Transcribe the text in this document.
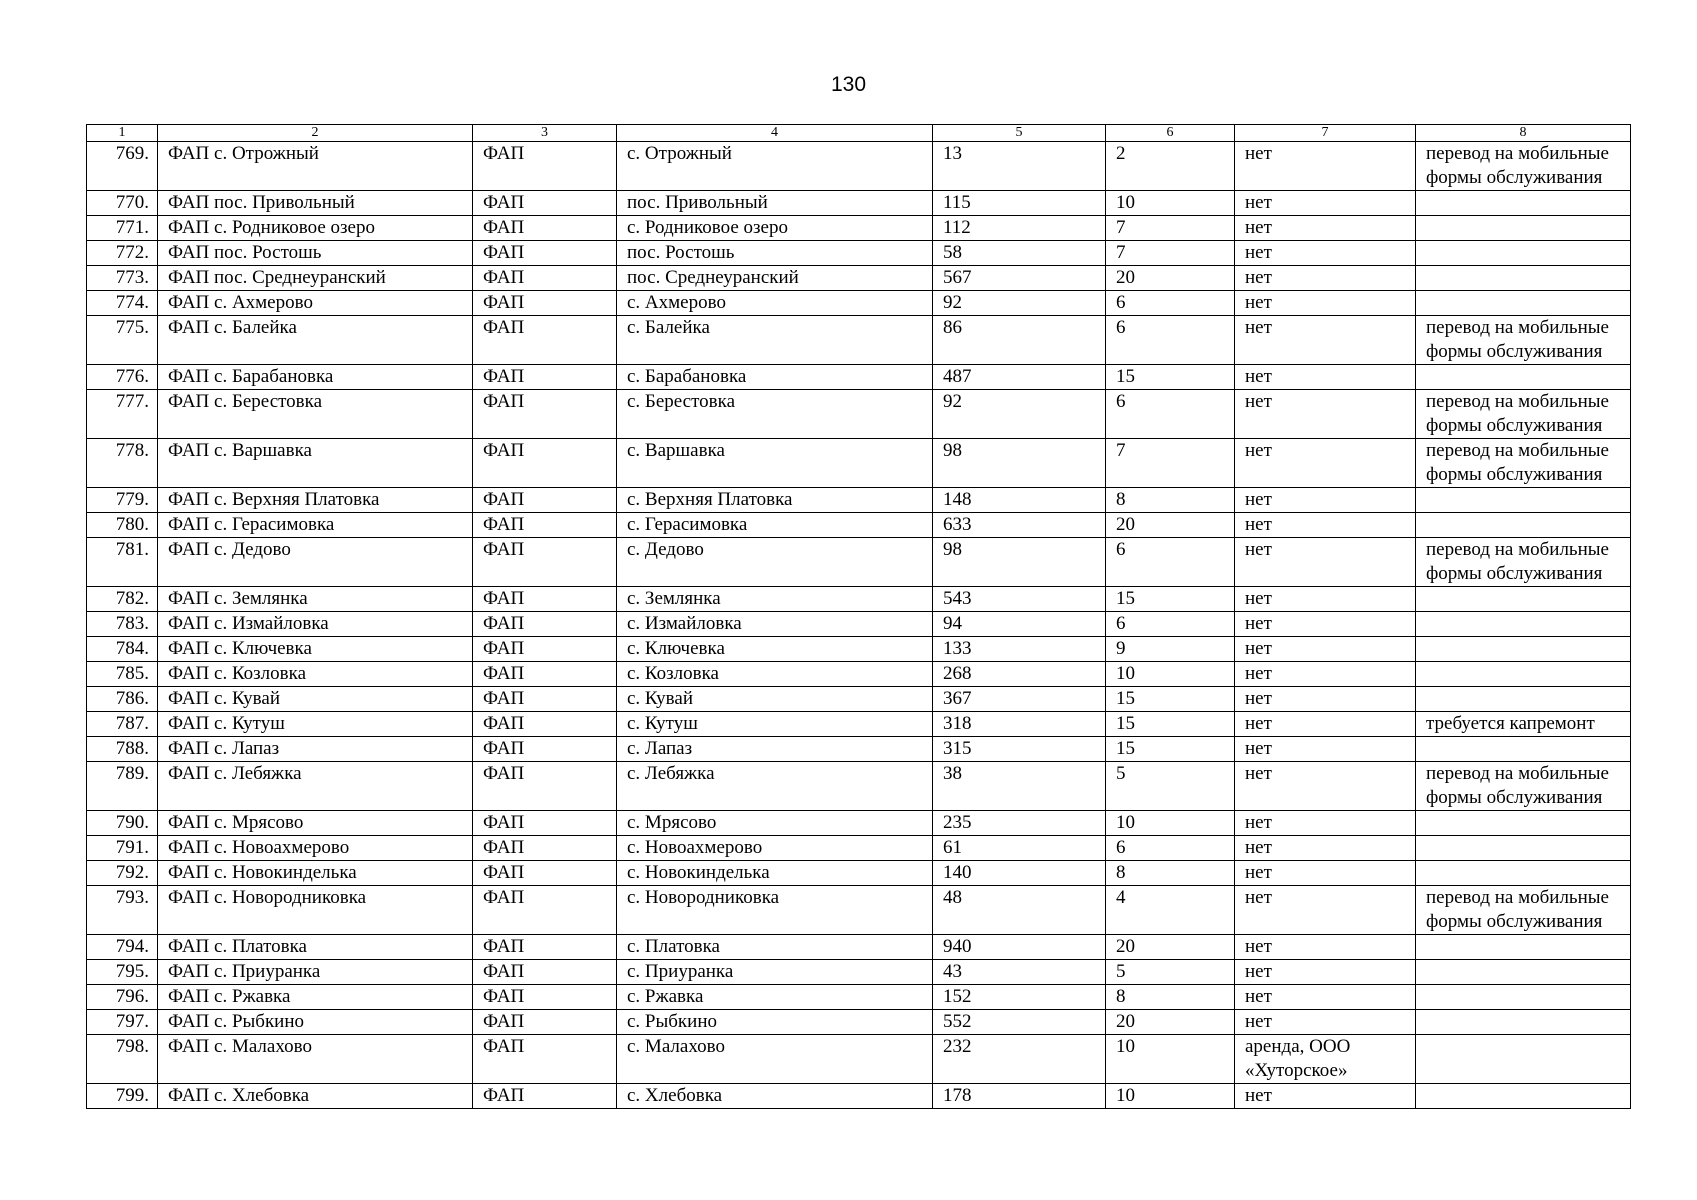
130
1	2	3	4	5	6	7	8
769.	ФАП с. Отрожный	ФАП	с. Отрожный	13	2	нет	перевод на мобильные формы обслуживания
770.	ФАП пос. Привольный	ФАП	пос. Привольный	115	10	нет	
771.	ФАП с. Родниковое озеро	ФАП	с. Родниковое озеро	112	7	нет	
772.	ФАП пос. Ростошь	ФАП	пос. Ростошь	58	7	нет	
773.	ФАП пос. Среднеуранский	ФАП	пос. Среднеуранский	567	20	нет	
774.	ФАП с. Ахмерово	ФАП	с. Ахмерово	92	6	нет	
775.	ФАП с. Балейка	ФАП	с. Балейка	86	6	нет	перевод на мобильные формы обслуживания
776.	ФАП с. Барабановка	ФАП	с. Барабановка	487	15	нет	
777.	ФАП с. Берестовка	ФАП	с. Берестовка	92	6	нет	перевод на мобильные формы обслуживания
778.	ФАП с. Варшавка	ФАП	с. Варшавка	98	7	нет	перевод на мобильные формы обслуживания
779.	ФАП с. Верхняя Платовка	ФАП	с. Верхняя Платовка	148	8	нет	
780.	ФАП с. Герасимовка	ФАП	с. Герасимовка	633	20	нет	
781.	ФАП с. Дедово	ФАП	с. Дедово	98	6	нет	перевод на мобильные формы обслуживания
782.	ФАП с. Землянка	ФАП	с. Землянка	543	15	нет	
783.	ФАП с. Измайловка	ФАП	с. Измайловка	94	6	нет	
784.	ФАП с. Ключевка	ФАП	с. Ключевка	133	9	нет	
785.	ФАП с. Козловка	ФАП	с. Козловка	268	10	нет	
786.	ФАП с. Кувай	ФАП	с. Кувай	367	15	нет	
787.	ФАП с. Кутуш	ФАП	с. Кутуш	318	15	нет	требуется капремонт
788.	ФАП с. Лапаз	ФАП	с. Лапаз	315	15	нет	
789.	ФАП с. Лебяжка	ФАП	с. Лебяжка	38	5	нет	перевод на мобильные формы обслуживания
790.	ФАП с. Мрясово	ФАП	с. Мрясово	235	10	нет	
791.	ФАП с. Новоахмерово	ФАП	с. Новоахмерово	61	6	нет	
792.	ФАП с. Новокинделька	ФАП	с. Новокинделька	140	8	нет	
793.	ФАП с. Новородниковка	ФАП	с. Новородниковка	48	4	нет	перевод на мобильные формы обслуживания
794.	ФАП с. Платовка	ФАП	с. Платовка	940	20	нет	
795.	ФАП с. Приуранка	ФАП	с. Приуранка	43	5	нет	
796.	ФАП с. Ржавка	ФАП	с. Ржавка	152	8	нет	
797.	ФАП с. Рыбкино	ФАП	с. Рыбкино	552	20	нет	
798.	ФАП с. Малахово	ФАП	с. Малахово	232	10	аренда, ООО «Хуторское»	
799.	ФАП с. Хлебовка	ФАП	с. Хлебовка	178	10	нет	
